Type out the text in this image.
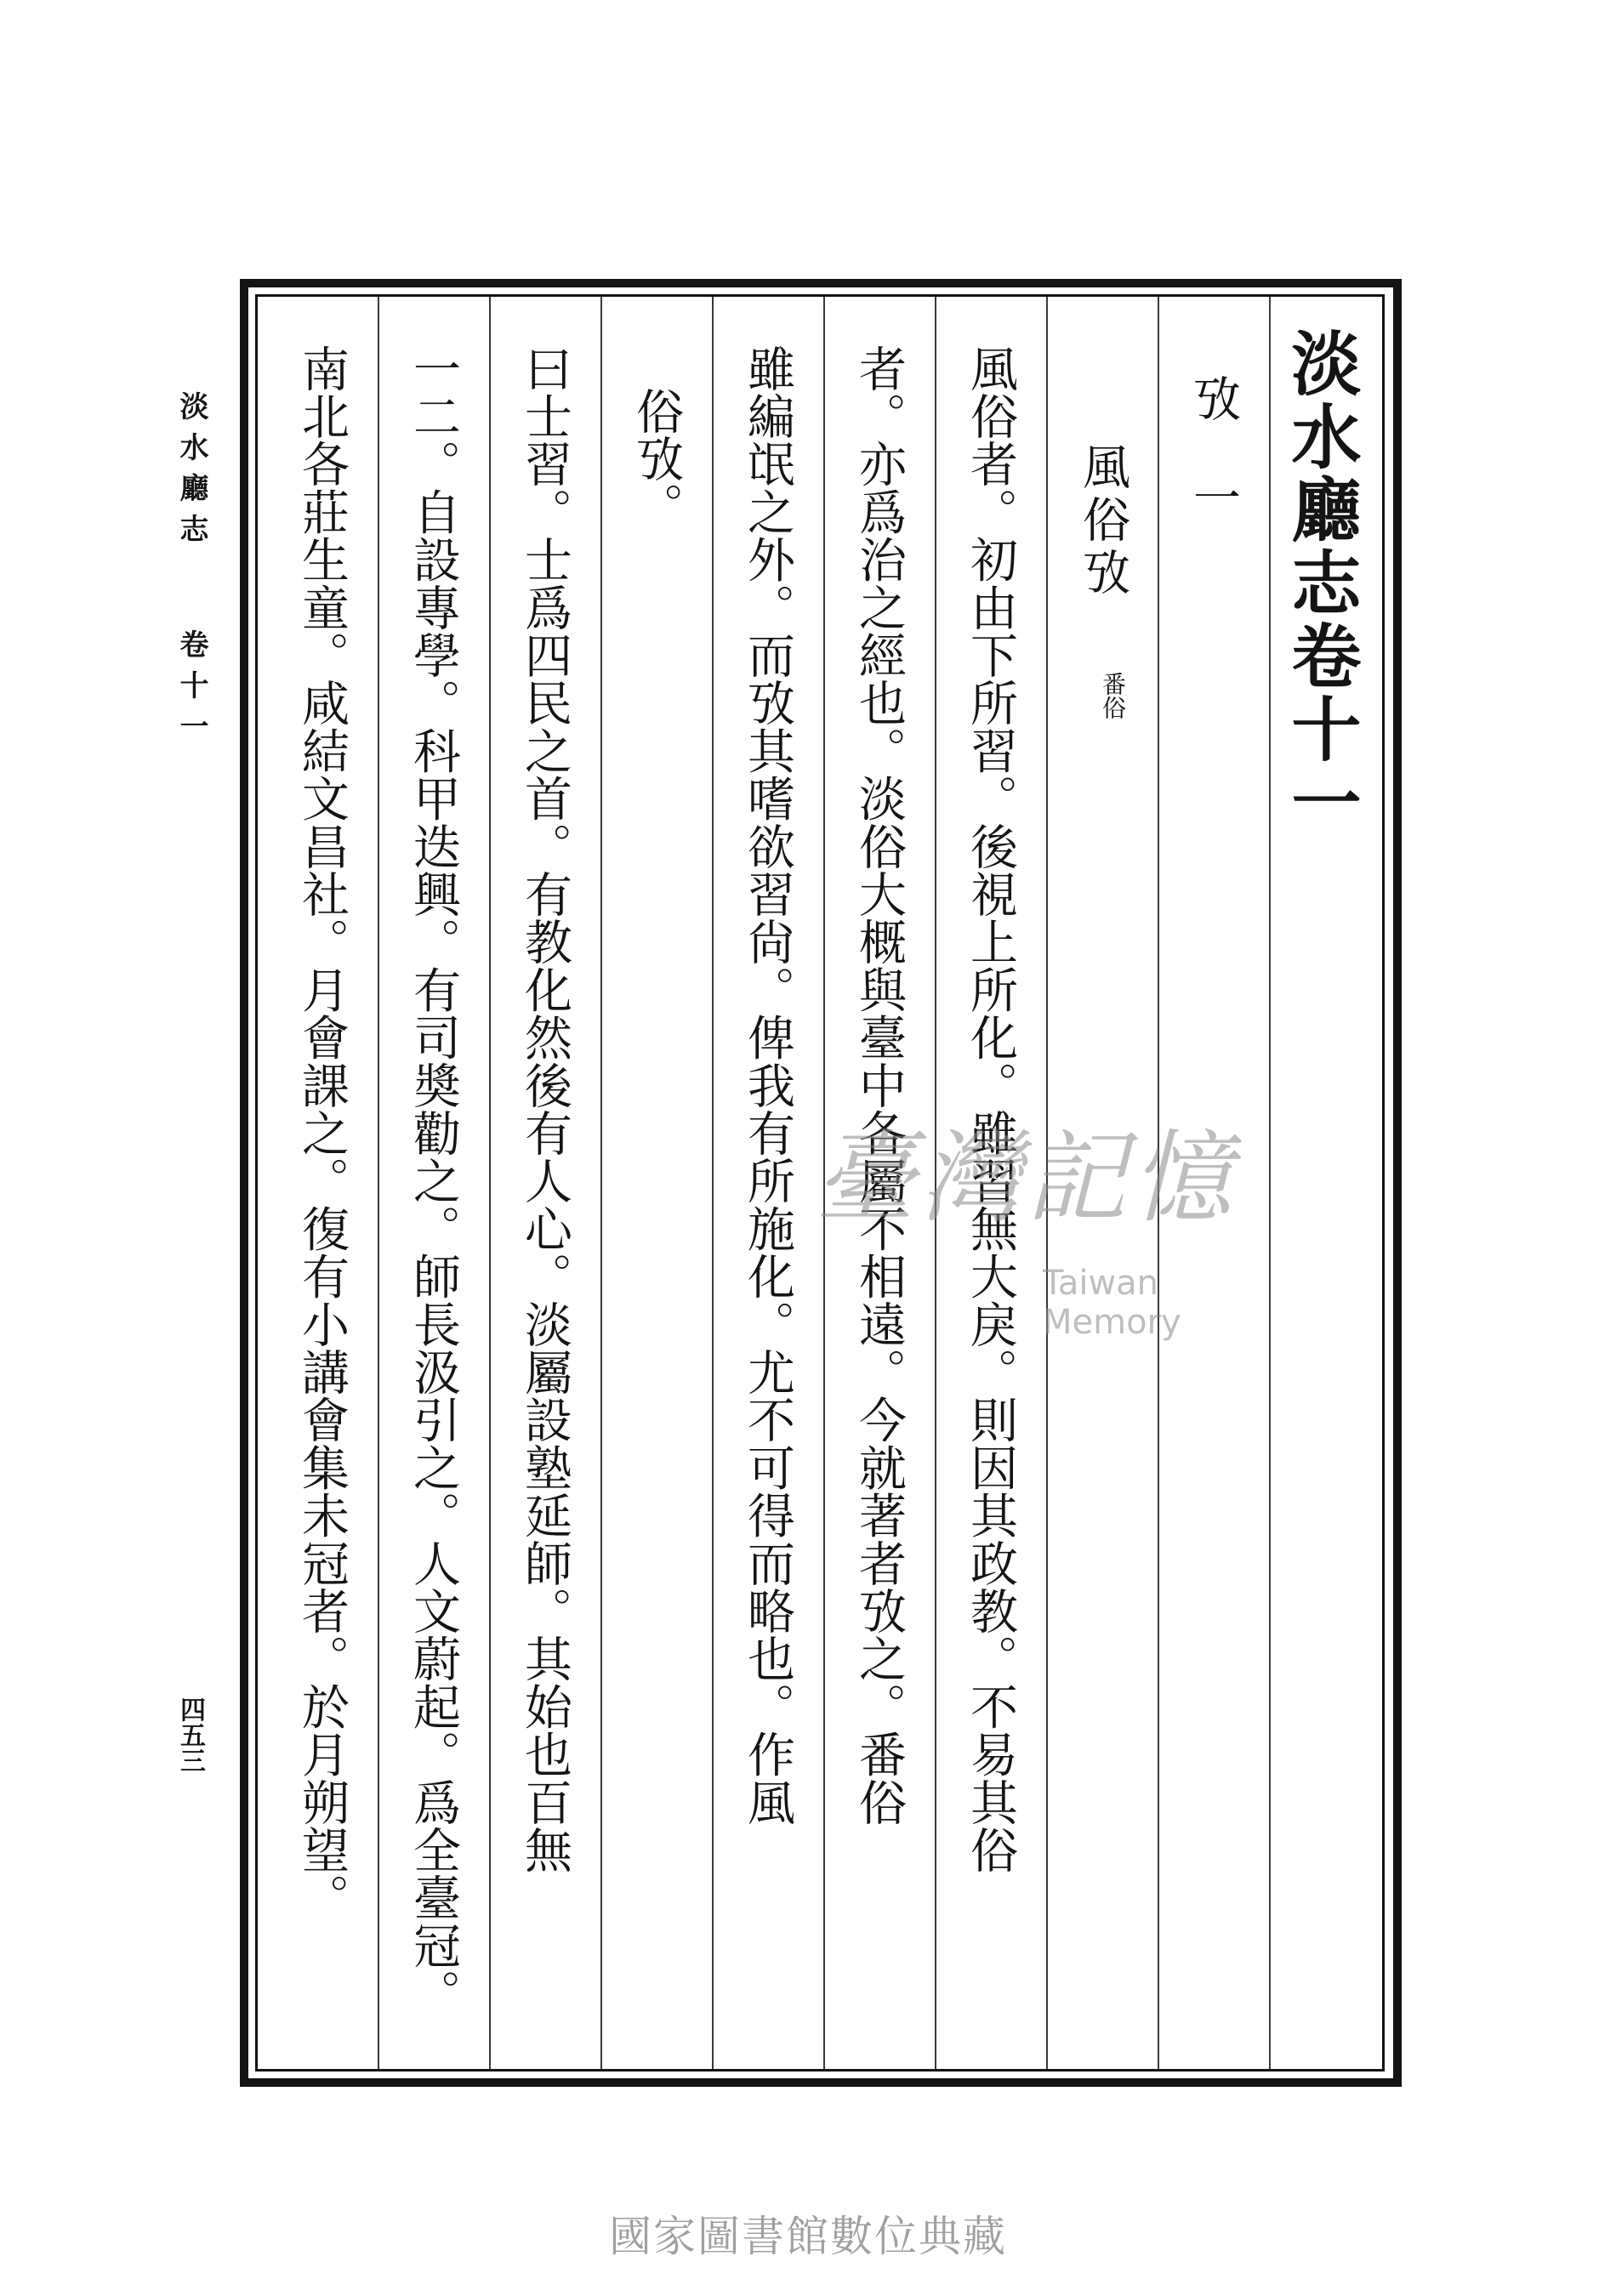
淡水廳志卷十一
攷一
風俗攷
番俗
風俗者。初由下所習。後視上所化。雖習無大戾。則因其政教。不易其俗
者。亦爲治之經也。淡俗大概與臺中各屬不相遠。今就著者攷之。番俗
雖編氓之外。而攷其嗜欲習尙。俾我有所施化。尤不可得而略也。作風
俗攷。
曰士習。士爲四民之首。有教化然後有人心。淡屬設塾延師。其始也百無
一二。自設專學。科甲迭興。有司奬勸之。師長汲引之。人文蔚起。爲全臺冠。
南北各莊生童。咸結文昌社。月會課之。復有小講會集未冠者。於月朔望。
淡水廳志
卷十一
四五三
臺灣記憶
Taiwan Memory
國家圖書館數位典藏
